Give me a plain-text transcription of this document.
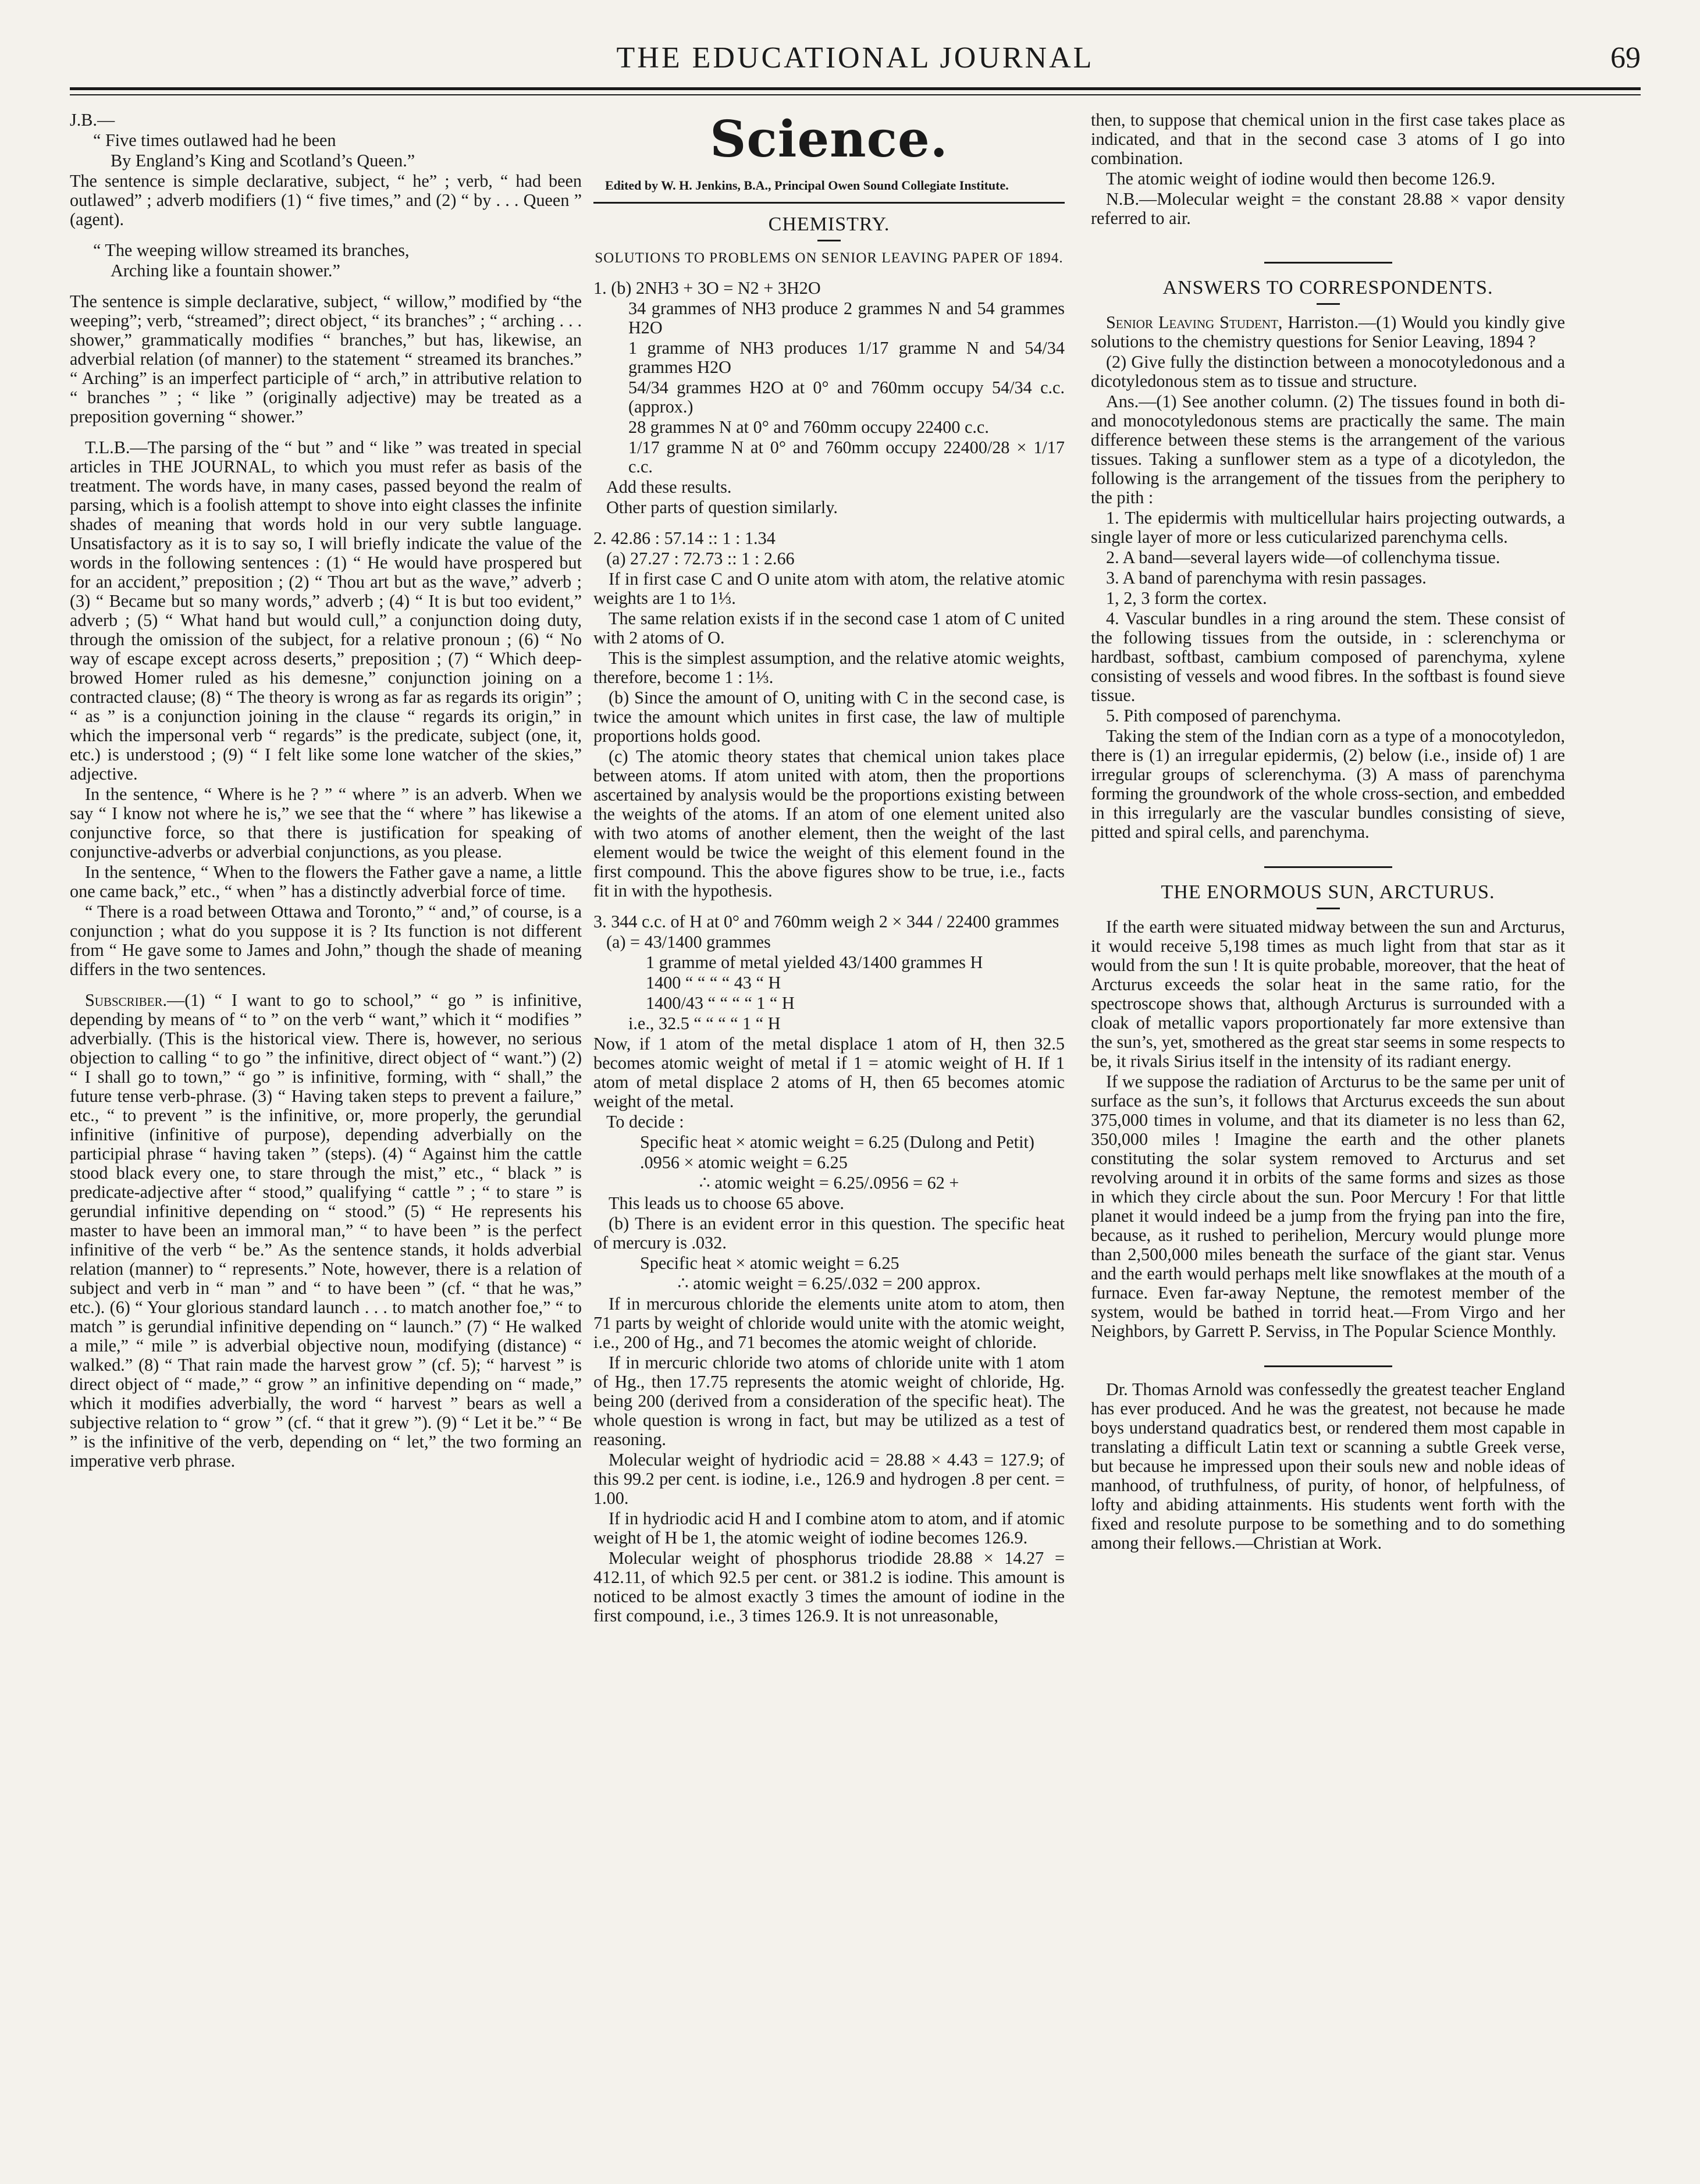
THE EDUCATIONAL JOURNAL	69

J.B.—

“ Five times outlawed had he been

By England’s King and Scotland’s Queen.”

The sentence is simple declarative, subject, “ he” ; verb, “ had been outlawed” ; adverb modifiers (1) “ five times,” and (2) “ by . . . Queen ” (agent).

“ The weeping willow streamed its branches,

Arching like a fountain shower.”

The sentence is simple declarative, subject, “ willow,” modified by “the weeping”; verb, “streamed”; direct object, “ its branches” ; “ arching . . . shower,” grammatically modifies “ branches,” but has, likewise, an adverbial relation (of manner) to the statement “ streamed its branches.” “ Arching” is an imperfect participle of “ arch,” in attributive relation to “ branches ” ; “ like ” (originally adjective) may be treated as a preposition governing “ shower.”

T.L.B.—The parsing of the “ but ” and “ like ” was treated in special articles in THE JOURNAL, to which you must refer as basis of the treatment. The words have, in many cases, passed beyond the realm of parsing, which is a foolish attempt to shove into eight classes the infinite shades of meaning that words hold in our very subtle language. Unsatisfactory as it is to say so, I will briefly indicate the value of the words in the following sentences : (1) “ He would have prospered but for an accident,” preposition ; (2) “ Thou art but as the wave,” adverb ; (3) “ Became but so many words,” adverb ; (4) “ It is but too evident,” adverb ; (5) “ What hand but would cull,” a conjunction doing duty, through the omission of the subject, for a relative pronoun ; (6) “ No way of escape except across deserts,” preposition ; (7) “ Which deep-browed Homer ruled as his demesne,” conjunction joining on a contracted clause; (8) “ The theory is wrong as far as regards its origin” ; “ as ” is a conjunction joining in the clause “ regards its origin,” in which the impersonal verb “ regards” is the predicate, subject (one, it, etc.) is understood ; (9) “ I felt like some lone watcher of the skies,” adjective.

In the sentence, “ Where is he ? ” “ where ” is an adverb. When we say “ I know not where he is,” we see that the “ where ” has likewise a conjunctive force, so that there is justification for speaking of conjunctive-adverbs or adverbial conjunctions, as you please.

In the sentence, “ When to the flowers the Father gave a name, a little one came back,” etc., “ when ” has a distinctly adverbial force of time.

“ There is a road between Ottawa and Toronto,” “ and,” of course, is a conjunction ; what do you suppose it is ? Its function is not different from “ He gave some to James and John,” though the shade of meaning differs in the two sentences.

Subscriber.—(1) “ I want to go to school,” “ go ” is infinitive, depending by means of “ to ” on the verb “ want,” which it “ modifies ” adverbially. (This is the historical view. There is, however, no serious objection to calling “ to go ” the infinitive, direct object of “ want.”) (2) “ I shall go to town,” “ go ” is infinitive, forming, with “ shall,” the future tense verb-phrase. (3) “ Having taken steps to prevent a failure,” etc., “ to prevent ” is the infinitive, or, more properly, the gerundial infinitive (infinitive of purpose), depending adverbially on the participial phrase “ having taken ” (steps). (4) “ Against him the cattle stood black every one, to stare through the mist,” etc., “ black ” is predicate-adjective after “ stood,” qualifying “ cattle ” ; “ to stare ” is gerundial infinitive depending on “ stood.” (5) “ He represents his master to have been an immoral man,” “ to have been ” is the perfect infinitive of the verb “ be.” As the sentence stands, it holds adverbial relation (manner) to “ represents.” Note, however, there is a relation of subject and verb in “ man ” and “ to have been ” (cf. “ that he was,” etc.). (6) “ Your glorious standard launch . . . to match another foe,” “ to match ” is gerundial infinitive depending on “ launch.” (7) “ He walked a mile,” “ mile ” is adverbial objective noun, modifying (distance) “ walked.” (8) “ That rain made the harvest grow ” (cf. 5); “ harvest ” is direct object of “ made,” “ grow ” an infinitive depending on “ made,” which it modifies adverbially, the word “ harvest ” bears as well a subjective relation to “ grow ” (cf. “ that it grew ”). (9) “ Let it be.” “ Be ” is the infinitive of the verb, depending on “ let,” the two forming an imperative verb phrase.

Science.

Edited by W. H. Jenkins, B.A., Principal Owen Sound Collegiate Institute.

CHEMISTRY.

SOLUTIONS TO PROBLEMS ON SENIOR LEAVING PAPER OF 1894.

1. (b) 2NH3 + 3O = N2 + 3H2O

34 grammes of NH3 produce 2 grammes N and 54 grammes H2O

1 gramme of NH3 produces 1/17 gramme N and 54/34 grammes H2O

54/34 grammes H2O at 0° and 760mm occupy 54/34 c.c. (approx.)

28 grammes N at 0° and 760mm occupy 22400 c.c.

1/17 gramme N at 0° and 760mm occupy 22400/28 × 1/17 c.c.

Add these results.

Other parts of question similarly.

2. 42.86 : 57.14 :: 1 : 1.34

(a) 27.27 : 72.73 :: 1 : 2.66

If in first case C and O unite atom with atom, the relative atomic weights are 1 to 1⅓.

The same relation exists if in the second case 1 atom of C united with 2 atoms of O.

This is the simplest assumption, and the relative atomic weights, therefore, become 1 : 1⅓.

(b) Since the amount of O, uniting with C in the second case, is twice the amount which unites in first case, the law of multiple proportions holds good.

(c) The atomic theory states that chemical union takes place between atoms. If atom united with atom, then the proportions ascertained by analysis would be the proportions existing between the weights of the atoms. If an atom of one element united also with two atoms of another element, then the weight of the last element would be twice the weight of this element found in the first compound. This the above figures show to be true, i.e., facts fit in with the hypothesis.

3. 344 c.c. of H at 0° and 760mm weigh 2 × 344 / 22400 grammes

(a) = 43/1400 grammes

1 gramme of metal yielded 43/1400 grammes H

1400 “ “ “ “ 43 “ H

1400/43 “ “ “ “ 1 “ H

i.e., 32.5 “ “ “ “ 1 “ H

Now, if 1 atom of the metal displace 1 atom of H, then 32.5 becomes atomic weight of metal if 1 = atomic weight of H. If 1 atom of metal displace 2 atoms of H, then 65 becomes atomic weight of the metal.

To decide :

Specific heat × atomic weight = 6.25 (Dulong and Petit)

.0956 × atomic weight = 6.25

∴ atomic weight = 6.25/.0956 = 62 +

This leads us to choose 65 above.

(b) There is an evident error in this question. The specific heat of mercury is .032.

Specific heat × atomic weight = 6.25

∴ atomic weight = 6.25/.032 = 200 approx.

If in mercurous chloride the elements unite atom to atom, then 71 parts by weight of chloride would unite with the atomic weight, i.e., 200 of Hg., and 71 becomes the atomic weight of chloride.

If in mercuric chloride two atoms of chloride unite with 1 atom of Hg., then 17.75 represents the atomic weight of chloride, Hg. being 200 (derived from a consideration of the specific heat). The whole question is wrong in fact, but may be utilized as a test of reasoning.

Molecular weight of hydriodic acid = 28.88 × 4.43 = 127.9; of this 99.2 per cent. is iodine, i.e., 126.9 and hydrogen .8 per cent. = 1.00.

If in hydriodic acid H and I combine atom to atom, and if atomic weight of H be 1, the atomic weight of iodine becomes 126.9.

Molecular weight of phosphorus triodide 28.88 × 14.27 = 412.11, of which 92.5 per cent. or 381.2 is iodine. This amount is noticed to be almost exactly 3 times the amount of iodine in the first compound, i.e., 3 times 126.9. It is not unreasonable,

then, to suppose that chemical union in the first case takes place as indicated, and that in the second case 3 atoms of I go into combination.

The atomic weight of iodine would then become 126.9.

N.B.—Molecular weight = the constant 28.88 × vapor density referred to air.

ANSWERS TO CORRESPONDENTS.

Senior Leaving Student, Harriston.—(1) Would you kindly give solutions to the chemistry questions for Senior Leaving, 1894 ?

(2) Give fully the distinction between a monocotyledonous and a dicotyledonous stem as to tissue and structure.

Ans.—(1) See another column. (2) The tissues found in both di- and monocotyledonous stems are practically the same. The main difference between these stems is the arrangement of the various tissues. Taking a sunflower stem as a type of a dicotyledon, the following is the arrangement of the tissues from the periphery to the pith :

1. The epidermis with multicellular hairs projecting outwards, a single layer of more or less cuticularized parenchyma cells.

2. A band—several layers wide—of collenchyma tissue.

3. A band of parenchyma with resin passages.

1, 2, 3 form the cortex.

4. Vascular bundles in a ring around the stem. These consist of the following tissues from the outside, in : sclerenchyma or hardbast, softbast, cambium composed of parenchyma, xylene consisting of vessels and wood fibres. In the softbast is found sieve tissue.

5. Pith composed of parenchyma.

Taking the stem of the Indian corn as a type of a monocotyledon, there is (1) an irregular epidermis, (2) below (i.e., inside of) 1 are irregular groups of sclerenchyma. (3) A mass of parenchyma forming the groundwork of the whole cross-section, and embedded in this irregularly are the vascular bundles consisting of sieve, pitted and spiral cells, and parenchyma.

THE ENORMOUS SUN, ARCTURUS.

If the earth were situated midway between the sun and Arcturus, it would receive 5,198 times as much light from that star as it would from the sun ! It is quite probable, moreover, that the heat of Arcturus exceeds the solar heat in the same ratio, for the spectroscope shows that, although Arcturus is surrounded with a cloak of metallic vapors proportionately far more extensive than the sun’s, yet, smothered as the great star seems in some respects to be, it rivals Sirius itself in the intensity of its radiant energy.

If we suppose the radiation of Arcturus to be the same per unit of surface as the sun’s, it follows that Arcturus exceeds the sun about 375,000 times in volume, and that its diameter is no less than 62, 350,000 miles ! Imagine the earth and the other planets constituting the solar system removed to Arcturus and set revolving around it in orbits of the same forms and sizes as those in which they circle about the sun. Poor Mercury ! For that little planet it would indeed be a jump from the frying pan into the fire, because, as it rushed to perihelion, Mercury would plunge more than 2,500,000 miles beneath the surface of the giant star. Venus and the earth would perhaps melt like snowflakes at the mouth of a furnace. Even far-away Neptune, the remotest member of the system, would be bathed in torrid heat.—From Virgo and her Neighbors, by Garrett P. Serviss, in The Popular Science Monthly.

Dr. Thomas Arnold was confessedly the greatest teacher England has ever produced. And he was the greatest, not because he made boys understand quadratics best, or rendered them most capable in translating a difficult Latin text or scanning a subtle Greek verse, but because he impressed upon their souls new and noble ideas of manhood, of truthfulness, of purity, of honor, of helpfulness, of lofty and abiding attainments. His students went forth with the fixed and resolute purpose to be something and to do something among their fellows.—Christian at Work.
